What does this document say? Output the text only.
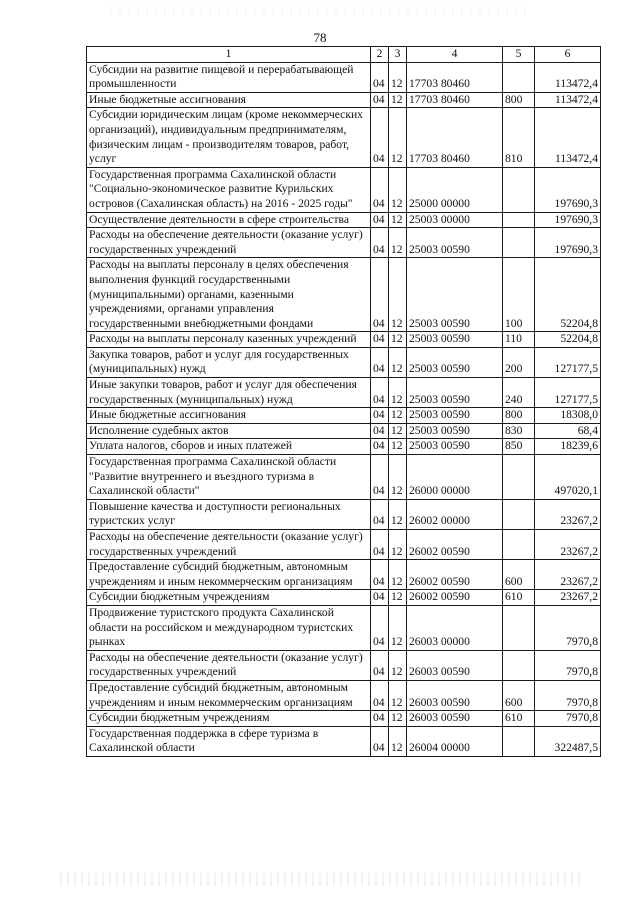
78
1	2	3	4	5	6
Субсидии на развитие пищевой и перерабатывающей промышленности	04	12	17703 80460		113472,4
Иные бюджетные ассигнования	04	12	17703 80460	800	113472,4
Субсидии юридическим лицам (кроме некоммерческих организаций), индивидуальным предпринимателям, физическим лицам - производителям товаров, работ, услуг	04	12	17703 80460	810	113472,4
Государственная программа Сахалинской области "Социально-экономическое развитие Курильских островов (Сахалинская область) на 2016 - 2025 годы"	04	12	25000 00000		197690,3
Осуществление деятельности в сфере строительства	04	12	25003 00000		197690,3
Расходы на обеспечение деятельности (оказание услуг) государственных учреждений	04	12	25003 00590		197690,3
Расходы на выплаты персоналу в целях обеспечения выполнения функций государственными (муниципальными) органами, казенными учреждениями, органами управления государственными внебюджетными фондами	04	12	25003 00590	100	52204,8
Расходы на выплаты персоналу казенных учреждений	04	12	25003 00590	110	52204,8
Закупка товаров, работ и услуг для государственных (муниципальных) нужд	04	12	25003 00590	200	127177,5
Иные закупки товаров, работ и услуг для обеспечения государственных (муниципальных) нужд	04	12	25003 00590	240	127177,5
Иные бюджетные ассигнования	04	12	25003 00590	800	18308,0
Исполнение судебных актов	04	12	25003 00590	830	68,4
Уплата налогов, сборов и иных платежей	04	12	25003 00590	850	18239,6
Государственная программа Сахалинской области "Развитие внутреннего и въездного туризма в Сахалинской области"	04	12	26000 00000		497020,1
Повышение качества и доступности региональных туристских услуг	04	12	26002 00000		23267,2
Расходы на обеспечение деятельности (оказание услуг) государственных учреждений	04	12	26002 00590		23267,2
Предоставление субсидий бюджетным, автономным учреждениям и иным некоммерческим организациям	04	12	26002 00590	600	23267,2
Субсидии бюджетным учреждениям	04	12	26002 00590	610	23267,2
Продвижение туристского продукта Сахалинской области на российском и международном туристских рынках	04	12	26003 00000		7970,8
Расходы на обеспечение деятельности (оказание услуг) государственных учреждений	04	12	26003 00590		7970,8
Предоставление субсидий бюджетным, автономным учреждениям и иным некоммерческим организациям	04	12	26003 00590	600	7970,8
Субсидии бюджетным учреждениям	04	12	26003 00590	610	7970,8
Государственная поддержка в сфере туризма в Сахалинской области	04	12	26004 00000		322487,5
